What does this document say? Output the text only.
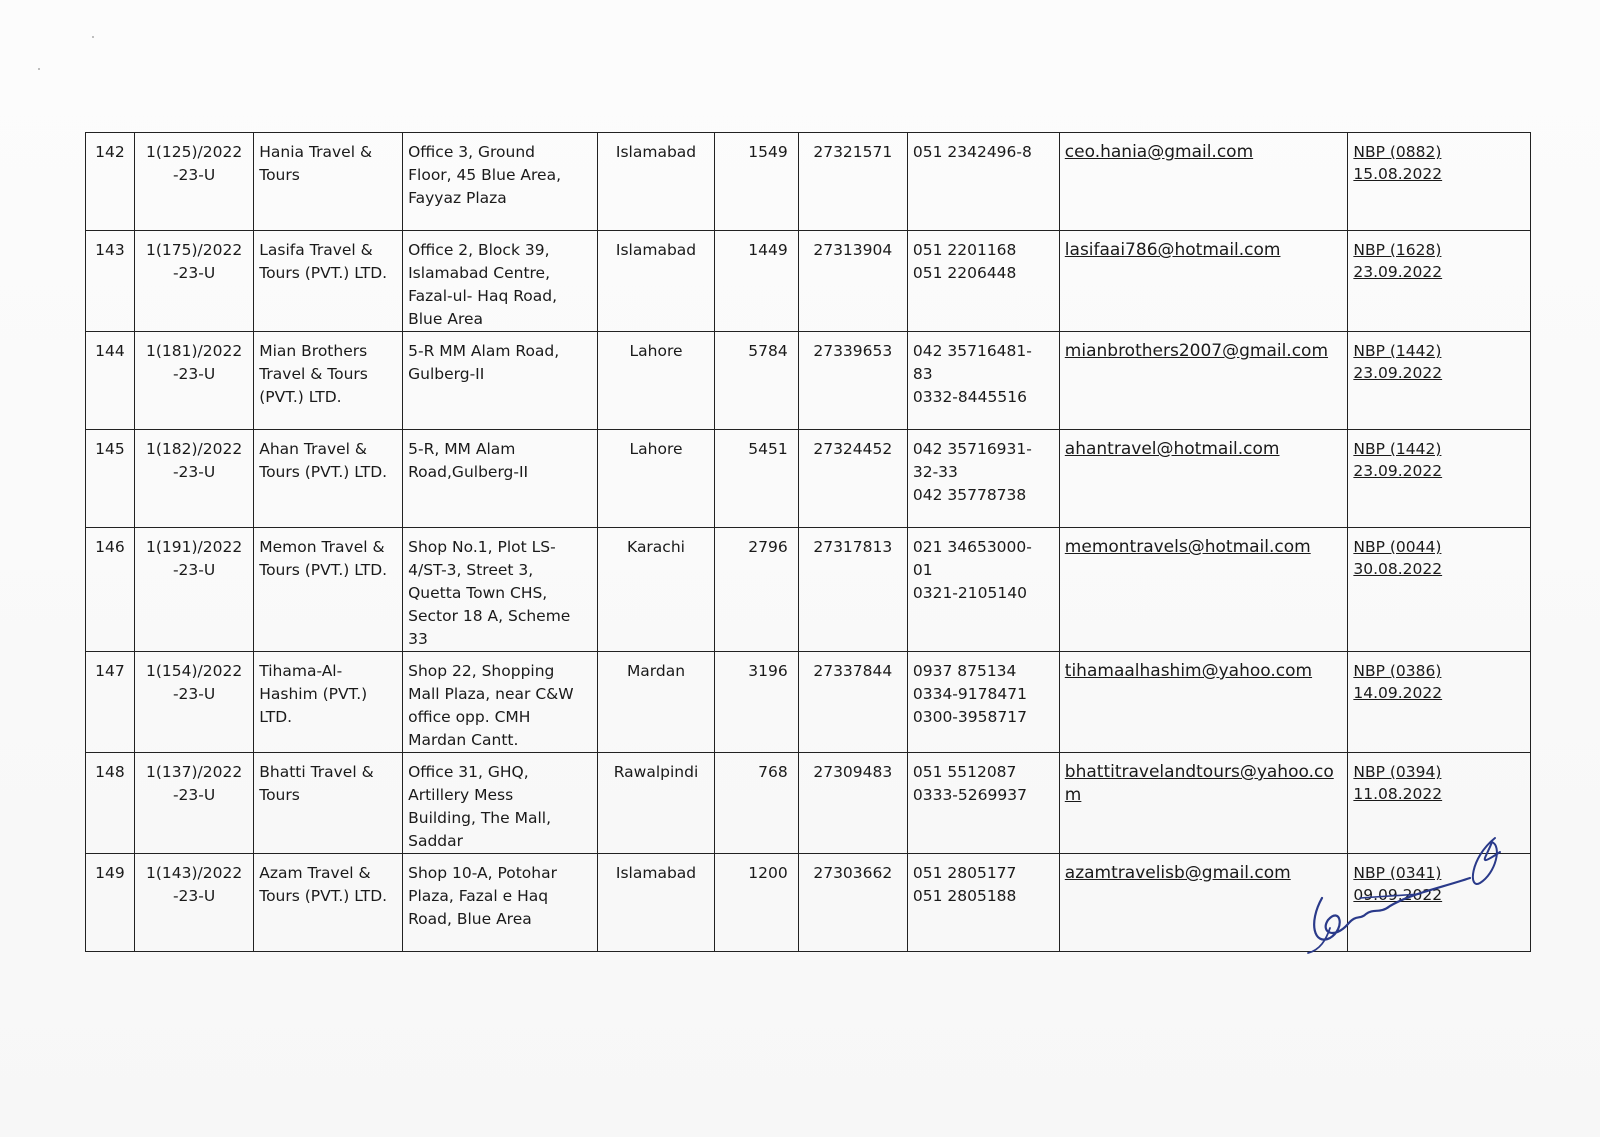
142	1(125)/2022
-23-U	Hania Travel &
Tours	Office 3, Ground
Floor, 45 Blue Area,
Fayyaz Plaza	Islamabad	1549	27321571	051 2342496-8	ceo.hania@gmail.com	NBP (0882)
15.08.2022

143	1(175)/2022
-23-U	Lasifa Travel &
Tours (PVT.) LTD.	Office 2, Block 39,
Islamabad Centre,
Fazal-ul- Haq Road,
Blue Area	Islamabad	1449	27313904	051 2201168
051 2206448	lasifaai786@hotmail.com	NBP (1628)
23.09.2022

144	1(181)/2022
-23-U	Mian Brothers
Travel & Tours
(PVT.) LTD.	5-R MM Alam Road,
Gulberg-II	Lahore	5784	27339653	042 35716481-
83
0332-8445516	mianbrothers2007@gmail.com	NBP (1442)
23.09.2022

145	1(182)/2022
-23-U	Ahan Travel &
Tours (PVT.) LTD.	5-R, MM Alam
Road,Gulberg-II	Lahore	5451	27324452	042 35716931-
32-33
042 35778738	ahantravel@hotmail.com	NBP (1442)
23.09.2022

146	1(191)/2022
-23-U	Memon Travel &
Tours (PVT.) LTD.	Shop No.1, Plot LS-
4/ST-3, Street 3,
Quetta Town CHS,
Sector 18 A, Scheme
33	Karachi	2796	27317813	021 34653000-
01
0321-2105140	memontravels@hotmail.com	NBP (0044)
30.08.2022

147	1(154)/2022
-23-U	Tihama-Al-
Hashim (PVT.)
LTD.	Shop 22, Shopping
Mall Plaza, near C&W
office opp. CMH
Mardan Cantt.	Mardan	3196	27337844	0937 875134
0334-9178471
0300-3958717	tihamaalhashim@yahoo.com	NBP (0386)
14.09.2022

148	1(137)/2022
-23-U	Bhatti Travel &
Tours	Office 31, GHQ,
Artillery Mess
Building, The Mall,
Saddar	Rawalpindi	768	27309483	051 5512087
0333-5269937	bhattitravelandtours@yahoo.co
m	NBP (0394)
11.08.2022

149	1(143)/2022
-23-U	Azam Travel &
Tours (PVT.) LTD.	Shop 10-A, Potohar
Plaza, Fazal e Haq
Road, Blue Area	Islamabad	1200	27303662	051 2805177
051 2805188	azamtravelisb@gmail.com	NBP (0341)
09.09.2022
